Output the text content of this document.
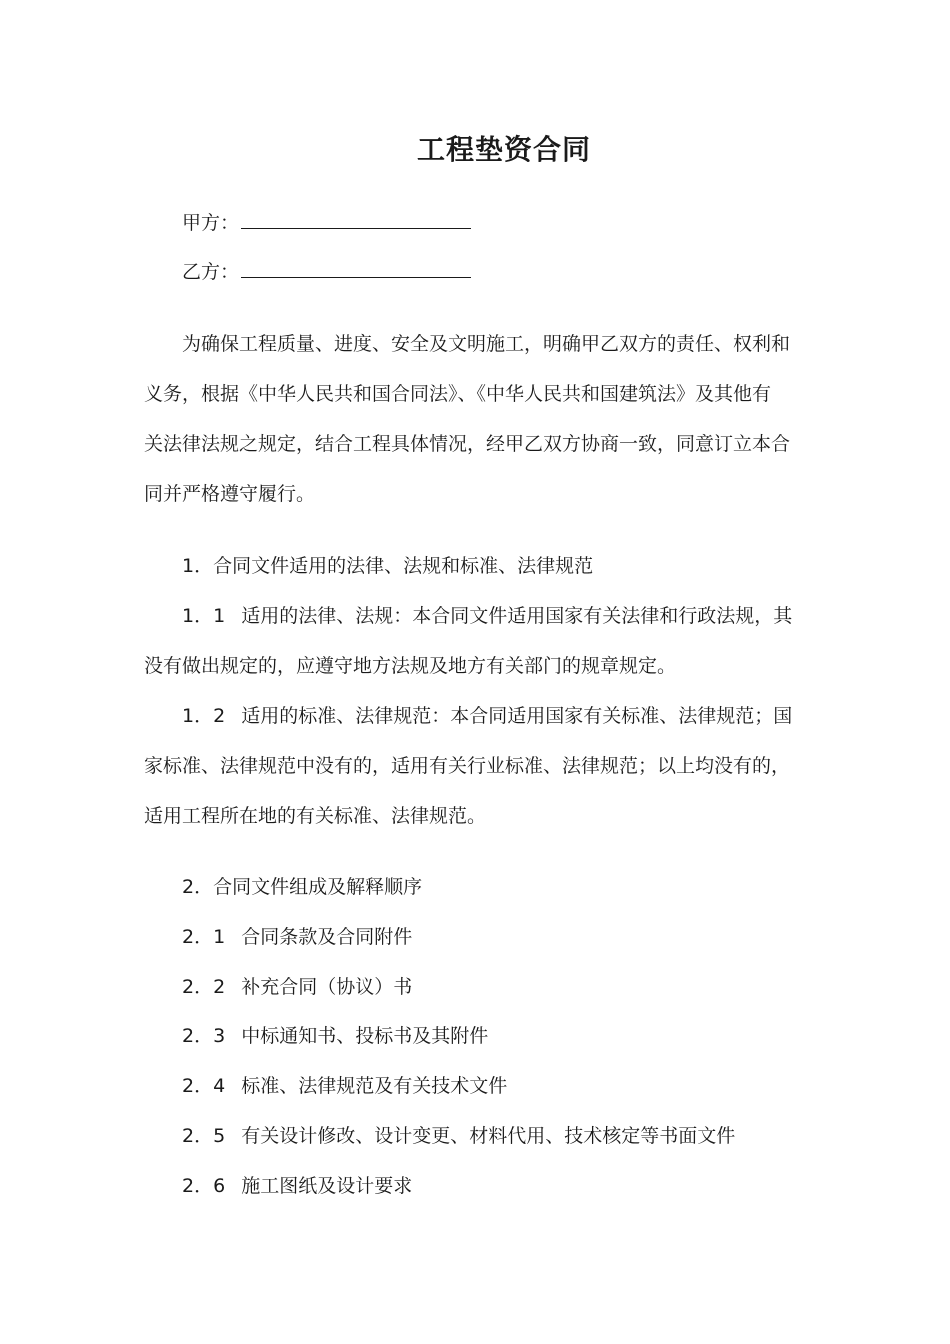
工程垫资合同
甲方：
乙方：
为确保工程质量、进度、安全及文明施工，明确甲乙双方的责任、权利和
义务，根据《中华人民共和国合同法》、《中华人民共和国建筑法》及其他有
关法律法规之规定，结合工程具体情况，经甲乙双方协商一致，同意订立本合
同并严格遵守履行。
1．合同文件适用的法律、法规和标准、法律规范
1．1 适用的法律、法规：本合同文件适用国家有关法律和行政法规，其
没有做出规定的，应遵守地方法规及地方有关部门的规章规定。
1．2 适用的标准、法律规范：本合同适用国家有关标准、法律规范；国
家标准、法律规范中没有的，适用有关行业标准、法律规范；以上均没有的，
适用工程所在地的有关标准、法律规范。
2．合同文件组成及解释顺序
2．1 合同条款及合同附件
2．2 补充合同（协议）书
2．3 中标通知书、投标书及其附件
2．4 标准、法律规范及有关技术文件
2．5 有关设计修改、设计变更、材料代用、技术核定等书面文件
2．6 施工图纸及设计要求
